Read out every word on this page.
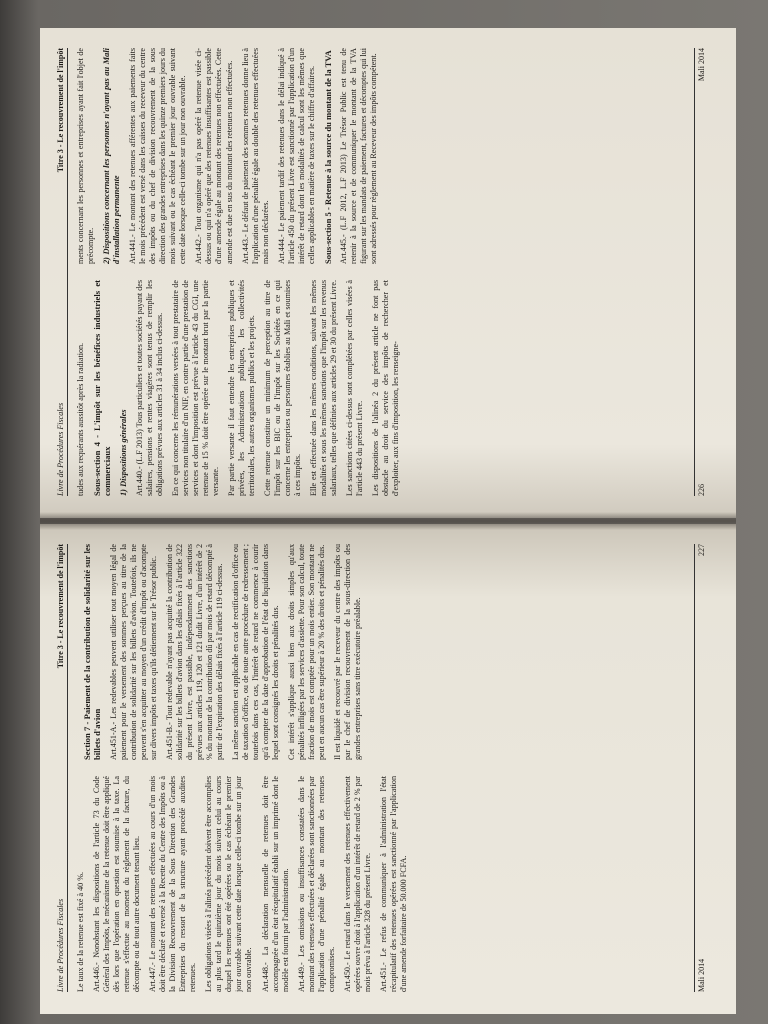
Livre de Procédures Fiscales
Titre 3 - Le recouvrement de l'impôt

tudes aux requérants aussitôt après la radiation. Sous-section 4 - L'impôt sur les bénéfices industriels et commerciaux 1) Dispositions générales Art.440.- (L.F 2013) Tous particuliers et toutes sociétés payant des salaires, pensions et rentes viagères sont tenus de remplir les obligations prévues aux articles 31 à 34 inclus ci-dessus. En ce qui concerne les rémunérations versées à tout prestataire de services non titulaire d'un NIF, en contre partie d'une prestation de services et dont l'imposition est prévue à l'article 43 du CGI, une retenue de 15 % doit être opérée sur le montant brut par la partie versante. Par partie versante il faut entendre les entreprises publiques et privées, les Administrations publiques, les collectivités territoriales, les autres organismes publics et les projets. Cette retenue constitue un minimum de perception au titre de l'impôt sur les BIC ou de l'impôt sur les Sociétés en ce qui concerne les entreprises ou personnes établies au Mali et soumises à ces impôts. Elle est effectuée dans les mêmes conditions, suivant les mêmes modalités et sous les mêmes sanctions que l'impôt sur les revenus salariaux, telles que définies aux articles 29 et 30 du présent Livre. Les sanctions citées ci-dessus sont complétées par celles visées à l'article 443 du présent Livre. Les dispositions de l'alinéa 2 du présent article ne font pas obstacle au droit du service des impôts de rechercher et d'exploiter, aux fins d'imposition, les renseigne-

ments concernant les personnes et entreprises ayant fait l'objet de précompte. 2) Dispositions concernant les personnes n'ayant pas au Mali d'installation permanente Art.441.- Le montant des retenues afférentes aux paiements faits le mois précédent est versé dans les caisses du receveur du centre des impôts ou du chef de division recouvrement de la sous direction des grandes entreprises dans les quinze premiers jours du mois suivant ou le cas échéant le premier jour ouvrable suivant cette date lorsque celle-ci tombe sur un jour non ouvrable. Art.442.- Tout organisme qui n'a pas opéré la retenue visée ci-dessus ou qui n'a opéré que des retenues insuffisantes est passible d'une amende égale au montant des retenues non effectuées. Cette amende est due en sus du montant des retenues non effectuées. Art.443.- Le défaut de paiement des sommes retenues donne lieu à l'application d'une pénalité égale au double des retenues effectuées mais non déclarées. Art.444.- Le paiement tardif des retenues dans le délai indiqué à l'article 450 du présent Livre est sanctionné par l'application d'un intérêt de retard dont les modalités de calcul sont les mêmes que celles applicables en matière de taxes sur le chiffre d'affaires. Sous-section 5 - Retenue à la source du montant de la TVA Art.445.- (L.F 2012, L.F 2013) Le Trésor Public est tenu de retenir à la source et de communiquer le montant de la TVA figurant sur les mandats de paiement, factures et décomptes qui lui sont adressés pour règlement au Receveur des impôts compétent.

226
Mali 2014
Livre de Procédures Fiscales
Titre 3 - Le recouvrement de l'impôt

Le taux de la retenue est fixé à 40 %. Art.446.- Nonobstant les dispositions de l'article 73 du Code Général des Impôts, le mécanisme de la retenue doit être appliqué dès lors que l'opération en question est soumise à la taxe. La retenue s'effectue au moment du règlement de la facture, du décompte ou de tout autre document tenant lieu. Art.447.- Le montant des retenues effectuées au cours d'un mois doit être déclaré et reversé à la Recette du Centre des Impôts ou à la Division Recouvrement de la Sous Direction des Grandes Entreprises du ressort de la structure ayant procédé auxdites retenues. Les obligations visées à l'alinéa précédent doivent être accomplies au plus tard le quinzième jour du mois suivant celui au cours duquel les retenues ont été opérées ou le cas échéant le premier jour ouvrable suivant cette date lorsque celle-ci tombe sur un jour non ouvrable. Art.448.- La déclaration mensuelle de retenues doit être accompagnée d'un état récapitulatif établi sur un imprimé dont le modèle est fourni par l'administration. Art.449.- Les omissions ou insuffisances constatées dans le montant des retenues effectuées et déclarées sont sanctionnées par l'application d'une pénalité égale au montant des retenues compromises. Art.450.- Le retard dans le versement des retenues effectivement opérées ouvre droit à l'application d'un intérêt de retard de 2 % par mois prévu à l'article 328 du présent Livre. Art.451.- Le refus de communiquer à l'administration l'état récapitulatif des retenues opérées est sanctionné par l'application d'une amende forfaitaire de 50.000 FCFA.

Section 7 - Paiement de la contribution de solidarité sur les billets d'avion Art.451-A.- Les redevables peuvent utiliser tout moyen légal de paiement pour le versement des sommes perçues au titre de la contribution de solidarité sur les billets d'avion. Toutefois, ils ne peuvent s'en acquitter au moyen d'un crédit d'impôt ou d'acompte sur divers impôts et taxes qu'ils détiennent sur le Trésor public. Art.451-B.- Tout redevable n'ayant pas acquitté la contribution de solidarité sur les billets d'avion dans les délais fixés à l'article 322 du présent Livre, est passible, indépendamment des sanctions prévues aux articles 119, 120 et 121 dudit Livre, d'un intérêt de 2 % du montant de la contribution dû par mois de retard décompté à partir de l'expiration des délais fixés à l'article 119 ci-dessus. La même sanction est applicable en cas de rectification d'office ou de taxation d'office, ou de toute autre procédure de redressement ; toutefois dans ces cas, l'intérêt de retard ne commence à courir qu'à compter de la date d'approbation de l'état de liquidation dans lequel sont consignés les droits et pénalités dus. Cet intérêt s'applique aussi bien aux droits simples qu'aux pénalités infligées par les services d'assiette. Pour son calcul, toute fraction de mois est comptée pour un mois entier. Son montant ne peut en aucun cas être supérieur à 20 % des droits et pénalités dus. Il est liquidé et recouvré par le receveur du centre des impôts ou par le chef de division recouvrement de la sous-direction des grandes entreprises sans titre exécutoire préalable.

Mali 2014
227
